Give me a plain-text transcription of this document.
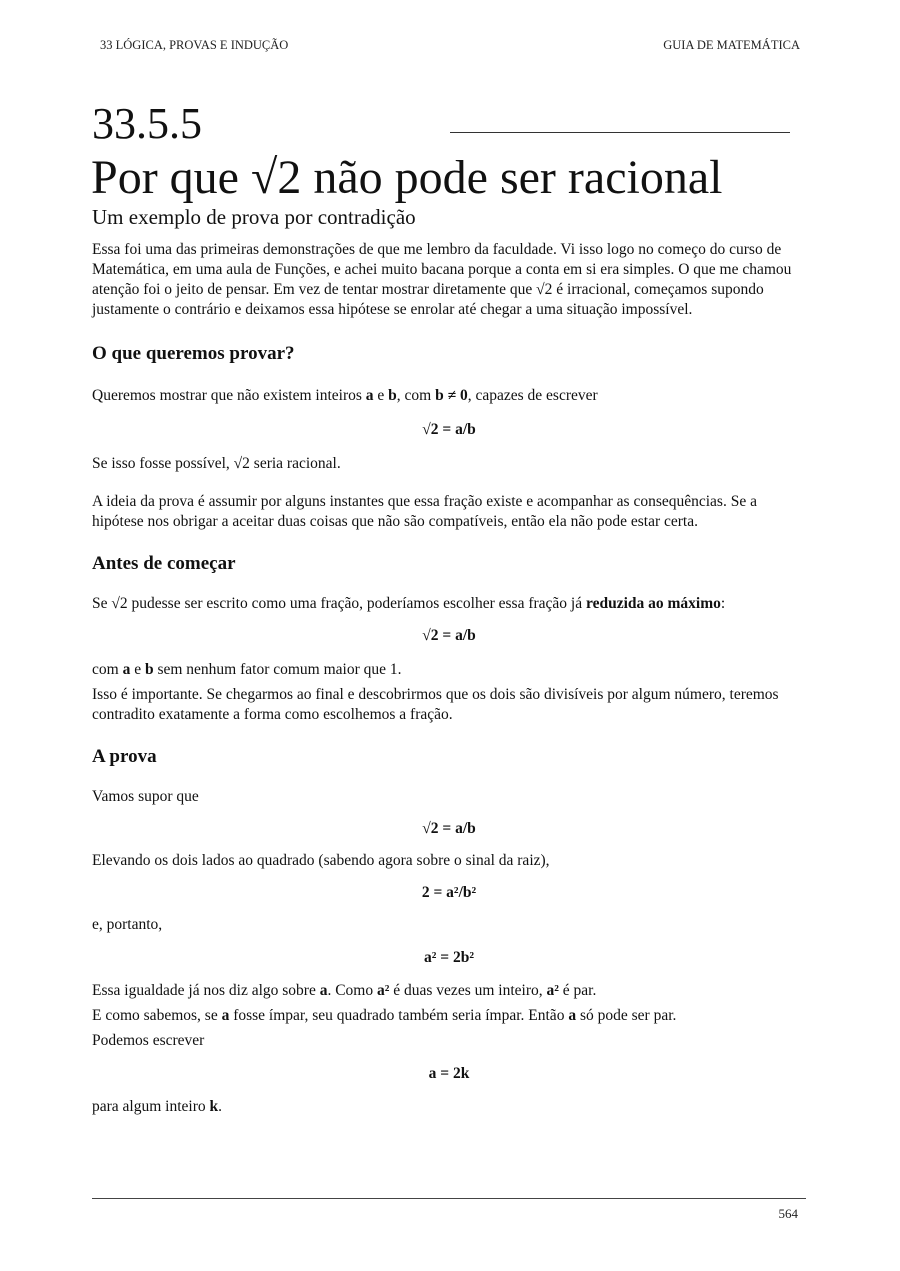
33 LÓGICA, PROVAS E INDUÇÃO	GUIA DE MATEMÁTICA
33.5.5
Por que √2 não pode ser racional
Um exemplo de prova por contradição

Essa foi uma das primeiras demonstrações de que me lembro da faculdade. Vi isso logo no começo do curso de Matemática, em uma aula de Funções, e achei muito bacana porque a conta em si era simples. O que me chamou atenção foi o jeito de pensar. Em vez de tentar mostrar diretamente que √2 é irracional, começamos supondo justamente o contrário e deixamos essa hipótese se enrolar até chegar a uma situação impossível.

O que queremos provar?

Queremos mostrar que não existem inteiros a e b, com b ≠ 0, capazes de escrever

√2 = a/b

Se isso fosse possível, √2 seria racional.

A ideia da prova é assumir por alguns instantes que essa fração existe e acompanhar as consequências. Se a hipótese nos obrigar a aceitar duas coisas que não são compatíveis, então ela não pode estar certa.

Antes de começar

Se √2 pudesse ser escrito como uma fração, poderíamos escolher essa fração já reduzida ao máximo:

√2 = a/b

com a e b sem nenhum fator comum maior que 1.

Isso é importante. Se chegarmos ao final e descobrirmos que os dois são divisíveis por algum número, teremos contradito exatamente a forma como escolhemos a fração.

A prova

Vamos supor que

√2 = a/b

Elevando os dois lados ao quadrado (sabendo agora sobre o sinal da raiz),

2 = a²/b²

e, portanto,

a² = 2b²

Essa igualdade já nos diz algo sobre a. Como a² é duas vezes um inteiro, a² é par.

E como sabemos, se a fosse ímpar, seu quadrado também seria ímpar. Então a só pode ser par.

Podemos escrever

a = 2k

para algum inteiro k.

564
